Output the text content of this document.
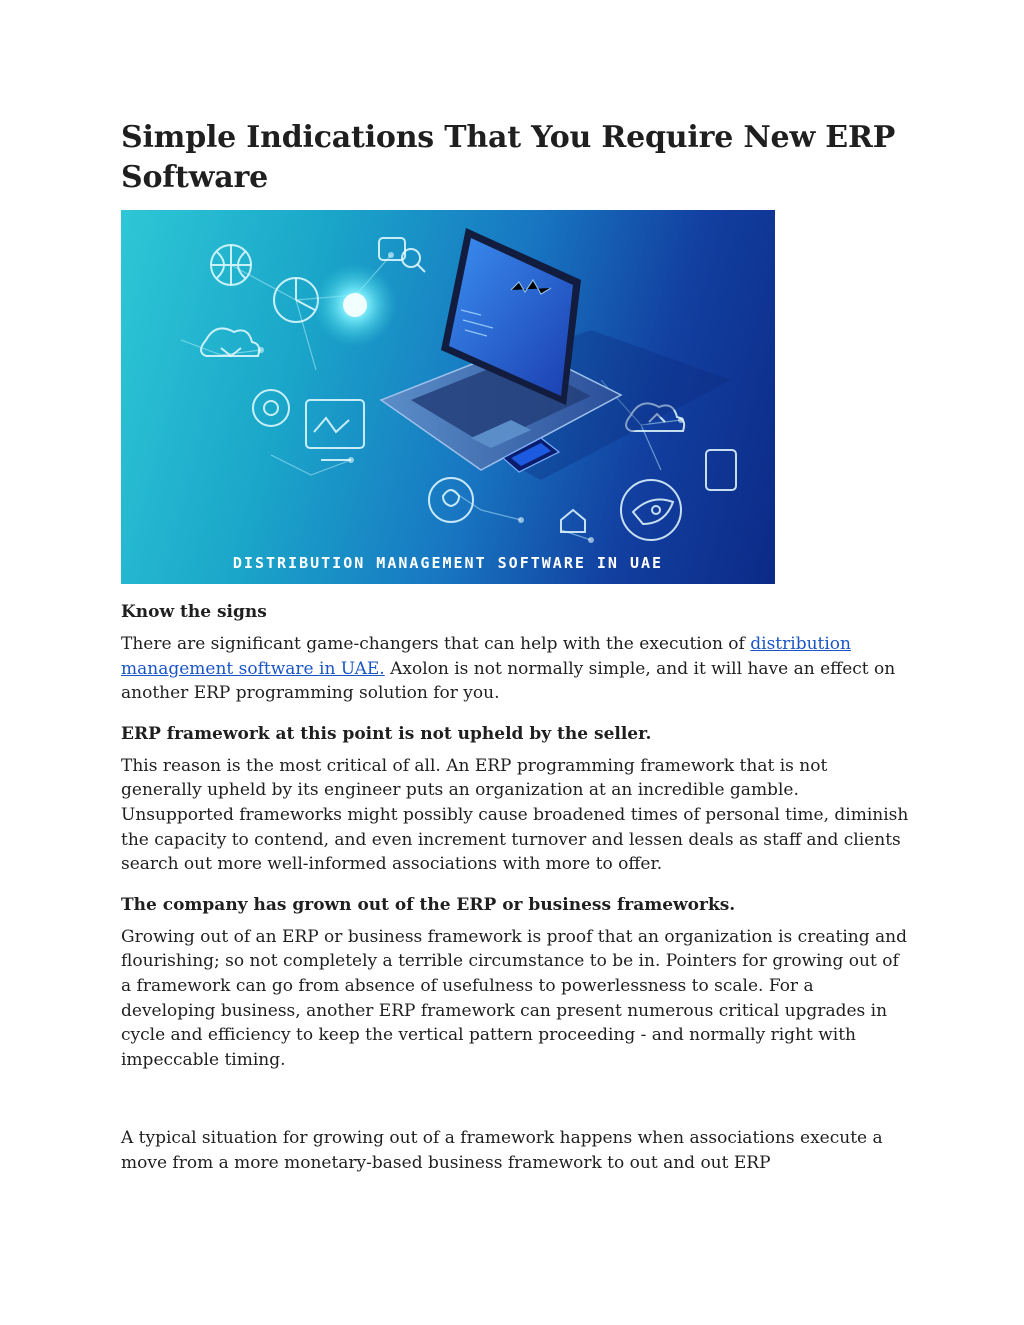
Simple Indications That You Require New ERP Software
DISTRIBUTION MANAGEMENT SOFTWARE IN UAE
Know the signs

There are significant game-changers that can help with the execution of distribution management software in UAE. Axolon is not normally simple, and it will have an effect on another ERP programming solution for you.

ERP framework at this point is not upheld by the seller.

This reason is the most critical of all. An ERP programming framework that is not generally upheld by its engineer puts an organization at an incredible gamble. Unsupported frameworks might possibly cause broadened times of personal time, diminish the capacity to contend, and even increment turnover and lessen deals as staff and clients search out more well-informed associations with more to offer.

The company has grown out of the ERP or business frameworks.

Growing out of an ERP or business framework is proof that an organization is creating and flourishing; so not completely a terrible circumstance to be in. Pointers for growing out of a framework can go from absence of usefulness to powerlessness to scale. For a developing business, another ERP framework can present numerous critical upgrades in cycle and efficiency to keep the vertical pattern proceeding - and normally right with impeccable timing.

A typical situation for growing out of a framework happens when associations execute a move from a more monetary-based business framework to out and out ERP
